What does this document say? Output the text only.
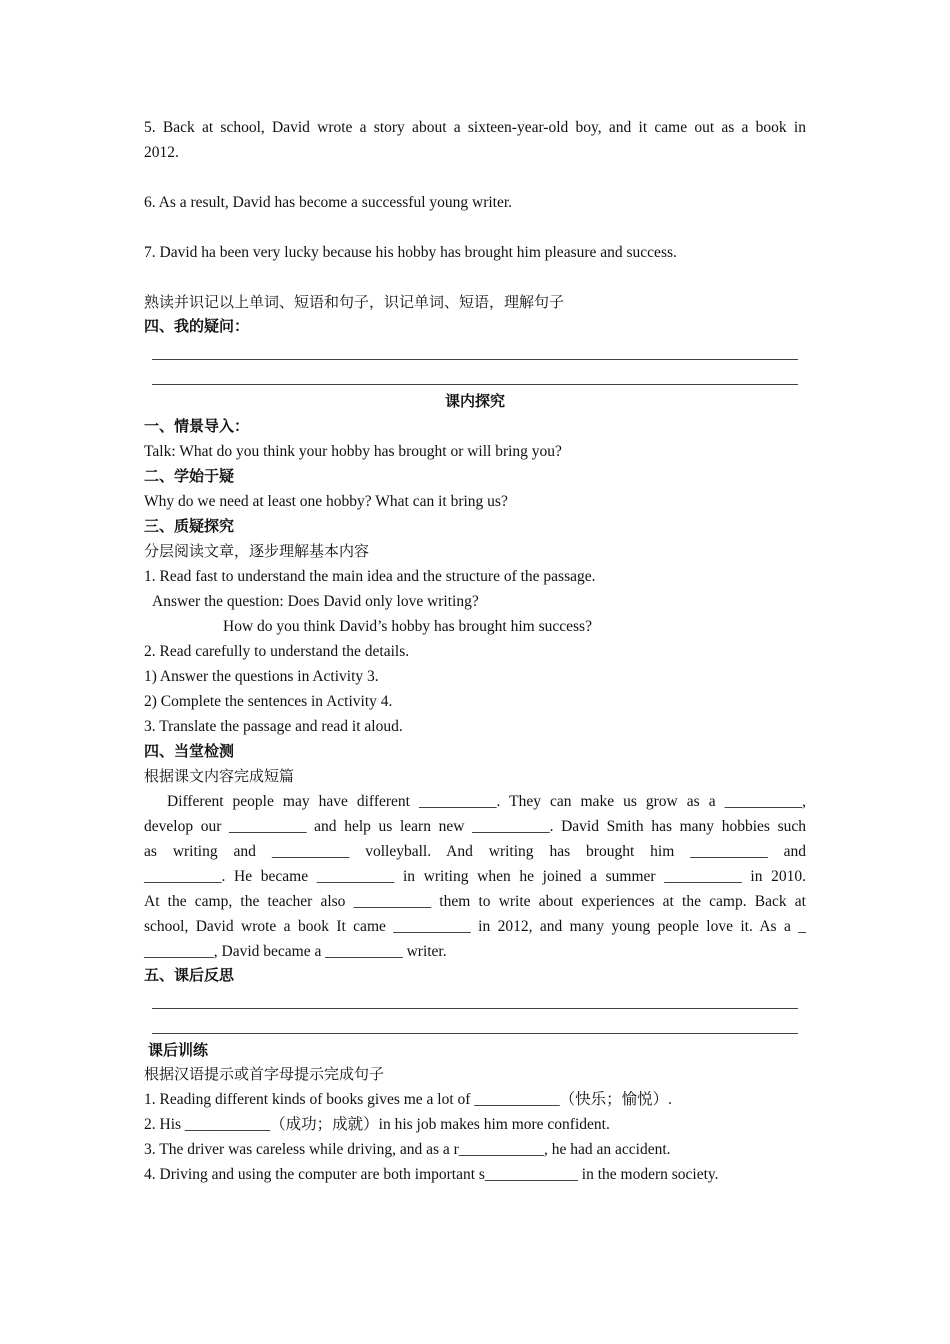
5. Back at school, David wrote a story about a sixteen-year-old boy, and it came out as a book in
2012.
6. As a result, David has become a successful young writer.
7. David ha been very lucky because his hobby has brought him pleasure and success.
熟读并识记以上单词、短语和句子，识记单词、短语，理解句子
四、我的疑问：
课内探究
一、情景导入：
Talk: What do you think your hobby has brought or will bring you?
二、学始于疑
Why do we need at least one hobby? What can it bring us?
三、质疑探究
分层阅读文章，逐步理解基本内容
1. Read fast to understand the main idea and the structure of the passage.
Answer the question: Does David only love writing?
How do you think David’s hobby has brought him success?
2. Read carefully to understand the details.
1) Answer the questions in Activity 3.
2) Complete the sentences in Activity 4.
3. Translate the passage and read it aloud.
四、当堂检测
根据课文内容完成短篇
Different people may have different __________. They can make us grow as a __________,
develop our __________ and help us learn new __________. David Smith has many hobbies such
as writing and __________ volleyball. And writing has brought him __________ and
__________. He became __________ in writing when he joined a summer __________ in 2010.
At the camp, the teacher also __________ them to write about experiences at the camp. Back at
school, David wrote a book It came __________ in 2012, and many young people love it. As a _
_________, David became a __________ writer.
五、课后反思
课后训练
根据汉语提示或首字母提示完成句子
1. Reading different kinds of books gives me a lot of ___________（快乐；愉悦）.
2. His ___________（成功；成就）in his job makes him more confident.
3. The driver was careless while driving, and as a r___________, he had an accident.
4. Driving and using the computer are both important s____________ in the modern society.
